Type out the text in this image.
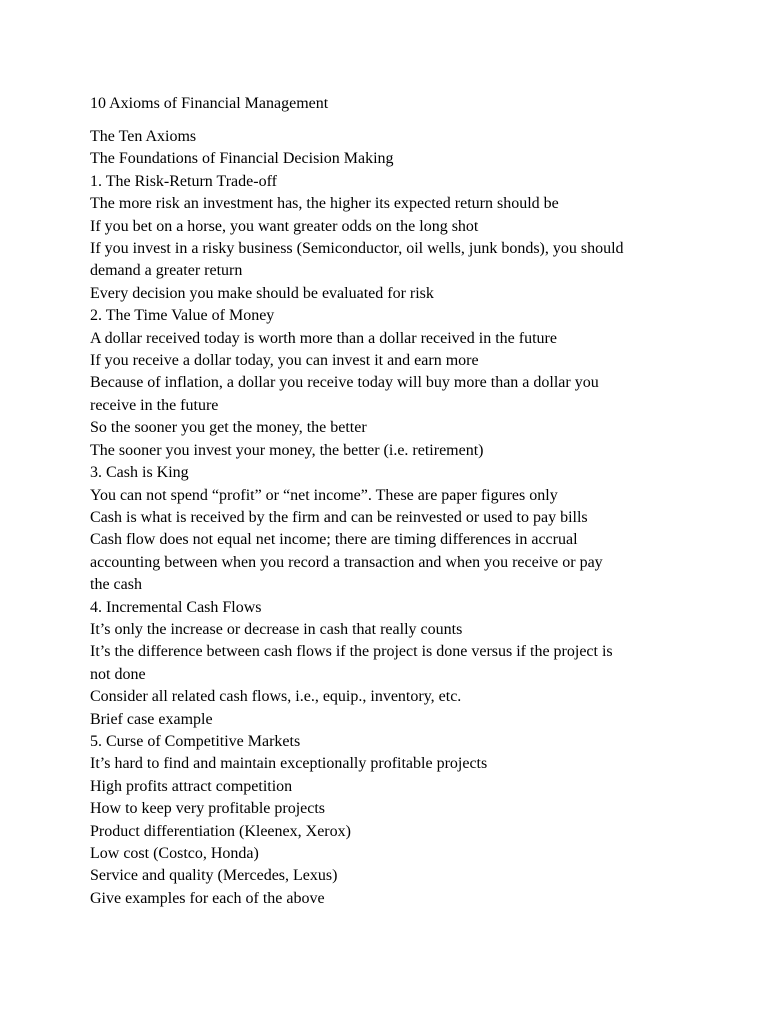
10 Axioms of Financial Management
The Ten Axioms
The Foundations of Financial Decision Making
1. The Risk-Return Trade-off
The more risk an investment has, the higher its expected return should be
If you bet on a horse, you want greater odds on the long shot
If you invest in a risky business (Semiconductor, oil wells, junk bonds), you should
demand a greater return
Every decision you make should be evaluated for risk
2. The Time Value of Money
A dollar received today is worth more than a dollar received in the future
If you receive a dollar today, you can invest it and earn more
Because of inflation, a dollar you receive today will buy more than a dollar you
receive in the future
So the sooner you get the money, the better
The sooner you invest your money, the better (i.e. retirement)
3. Cash is King
You can not spend “profit” or “net income”. These are paper figures only
Cash is what is received by the firm and can be reinvested or used to pay bills
Cash flow does not equal net income; there are timing differences in accrual
accounting between when you record a transaction and when you receive or pay
the cash
4. Incremental Cash Flows
It’s only the increase or decrease in cash that really counts
It’s the difference between cash flows if the project is done versus if the project is
not done
Consider all related cash flows, i.e., equip., inventory, etc.
Brief case example
5. Curse of Competitive Markets
It’s hard to find and maintain exceptionally profitable projects
High profits attract competition
How to keep very profitable projects
Product differentiation (Kleenex, Xerox)
Low cost (Costco, Honda)
Service and quality (Mercedes, Lexus)
Give examples for each of the above
